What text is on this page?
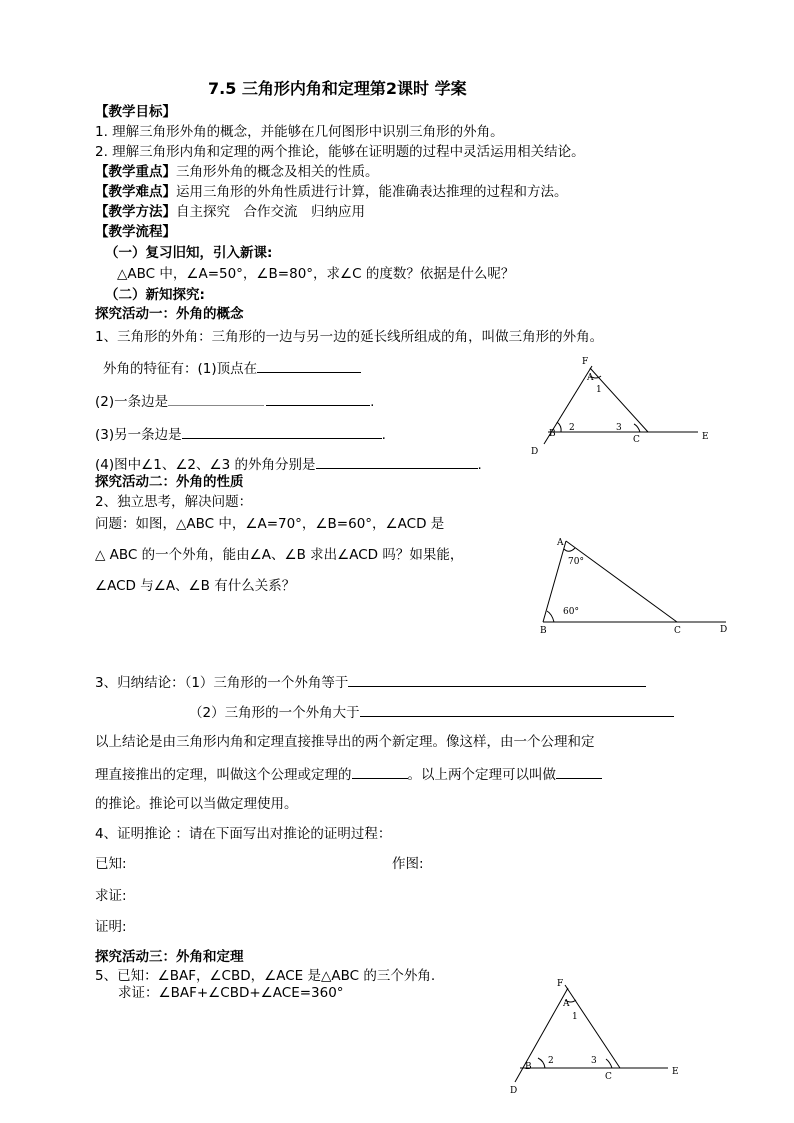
7.5 三角形内角和定理第2课时 学案
【教学目标】
1. 理解三角形外角的概念，并能够在几何图形中识别三角形的外角。
2. 理解三角形内角和定理的两个推论，能够在证明题的过程中灵活运用相关结论。
【教学重点】三角形外角的概念及相关的性质。
【教学难点】运用三角形的外角性质进行计算，能准确表达推理的过程和方法。
【教学方法】自主探究　合作交流　归纳应用
【教学流程】
（一）复习旧知，引入新课:
△ABC 中，∠A=50°，∠B=80°，求∠C 的度数？依据是什么呢？
（二）新知探究:
探究活动一：外角的概念
1、三角形的外角：三角形的一边与另一边的延长线所组成的角，叫做三角形的外角。
外角的特征有：(1)顶点在
(2)一条边是	.
(3)另一条边是	.
(4)图中∠1、∠2、∠3 的外角分别是	.
探究活动二：外角的性质
2、独立思考，解决问题：
问题：如图，△ABC 中，∠A=70°，∠B=60°，∠ACD 是
△ ABC 的一个外角，能由∠A、∠B 求出∠ACD 吗？如果能，
∠ACD 与∠A、∠B 有什么关系？
3、归纳结论：（1）三角形的一个外角等于
（2）三角形的一个外角大于
以上结论是由三角形内角和定理直接推导出的两个新定理。像这样，由一个公理和定
理直接推出的定理，叫做这个公理或定理的	。以上两个定理可以叫做
的推论。推论可以当做定理使用。
4、证明推论 ：请在下面写出对推论的证明过程：
已知:	作图:
求证:
证明:
探究活动三：外角和定理
5、已知：∠BAF，∠CBD，∠ACE 是△ABC 的三个外角.
求证：∠BAF+∠CBD+∠ACE=360°
F
A
1
B
2	3
C	E
D
A
70°
B
60°
C	D
F
A
1
B
2	3
C	E
D
